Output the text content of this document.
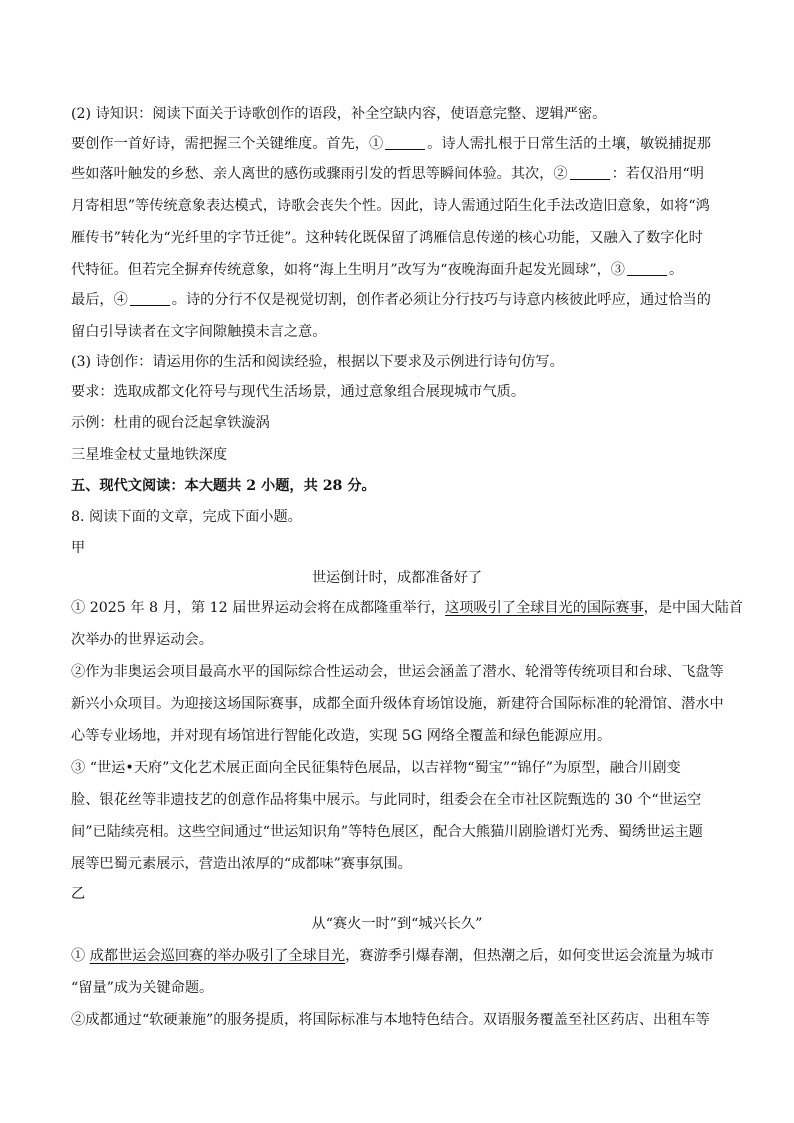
(2) 诗知识：阅读下面关于诗歌创作的语段，补全空缺内容，使语意完整、逻辑严密。
要创作一首好诗，需把握三个关键维度。首先，①	。诗人需扎根于日常生活的土壤，敏锐捕捉那
些如落叶触发的乡愁、亲人离世的感伤或骤雨引发的哲思等瞬间体验。其次，②	：若仅沿用“明
月寄相思”等传统意象表达模式，诗歌会丧失个性。因此，诗人需通过陌生化手法改造旧意象，如将“鸿
雁传书”转化为“光纤里的字节迁徙”。这种转化既保留了鸿雁信息传递的核心功能，又融入了数字化时
代特征。但若完全摒弃传统意象，如将“海上生明月”改写为“夜晚海面升起发光圆球”，③	。
最后，④	。诗的分行不仅是视觉切割，创作者必须让分行技巧与诗意内核彼此呼应，通过恰当的
留白引导读者在文字间隙触摸未言之意。
(3) 诗创作：请运用你的生活和阅读经验，根据以下要求及示例进行诗句仿写。
要求：选取成都文化符号与现代生活场景，通过意象组合展现城市气质。
示例：杜甫的砚台泛起拿铁漩涡
三星堆金杖丈量地铁深度
五、现代文阅读：本大题共 2 小题，共 28 分。
8. 阅读下面的文章，完成下面小题。
甲
世运倒计时，成都准备好了
① 2025 年 8 月，第 12 届世界运动会将在成都隆重举行，这项吸引了全球目光的国际赛事，是中国大陆首
次举办的世界运动会。
②作为非奥运会项目最高水平的国际综合性运动会，世运会涵盖了潜水、轮滑等传统项目和台球、飞盘等
新兴小众项目。为迎接这场国际赛事，成都全面升级体育场馆设施，新建符合国际标准的轮滑馆、潜水中
心等专业场地，并对现有场馆进行智能化改造，实现 5G 网络全覆盖和绿色能源应用。
③ “世运•天府”文化艺术展正面向全民征集特色展品，以吉祥物“蜀宝”“锦仔”为原型，融合川剧变
脸、银花丝等非遗技艺的创意作品将集中展示。与此同时，组委会在全市社区院甄选的 30 个“世运空
间”已陆续亮相。这些空间通过“世运知识角”等特色展区，配合大熊猫川剧脸谱灯光秀、蜀绣世运主题
展等巴蜀元素展示，营造出浓厚的“成都味”赛事氛围。
乙
从“赛火一时”到“城兴长久”
① 成都世运会巡回赛的举办吸引了全球目光，赛游季引爆春潮，但热潮之后，如何变世运会流量为城市
“留量”成为关键命题。
②成都通过“软硬兼施”的服务提质，将国际标准与本地特色结合。双语服务覆盖至社区药店、出租车等
